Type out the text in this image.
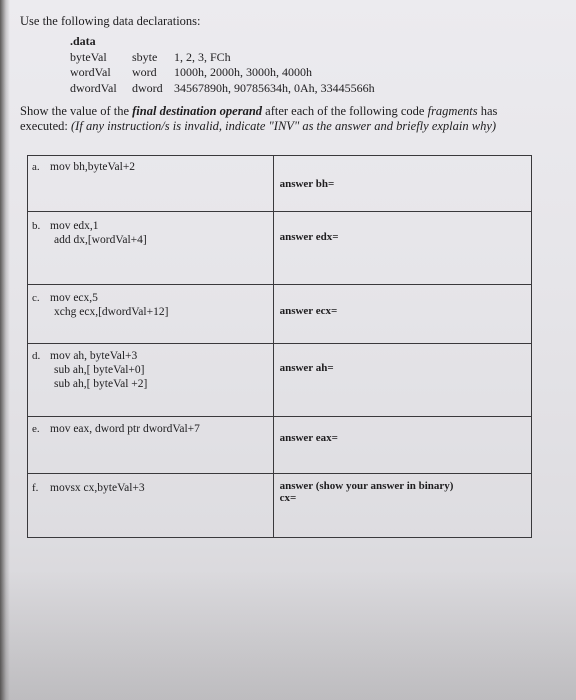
Use the following data declarations:
.data
byteVal sbyte 1, 2, 3, FCh
wordVal word 1000h, 2000h, 3000h, 4000h
dwordVal dword 34567890h, 90785634h, 0Ah, 33445566h
Show the value of the final destination operand after each of the following code fragments has executed: (If any instruction/s is invalid, indicate "INV" as the answer and briefly explain why)
a. mov bh,byteVal+2	answer bh=

b. mov edx,1
add dx,[wordVal+4]	answer edx=

c. mov ecx,5
xchg ecx,[dwordVal+12]	answer ecx=

d. mov ah, byteVal+3
sub ah,[ byteVal+0]
sub ah,[ byteVal +2]	answer ah=

e. mov eax, dword ptr dwordVal+7	answer eax=

f. movsx cx,byteVal+3	answer (show your answer in binary)
cx=
